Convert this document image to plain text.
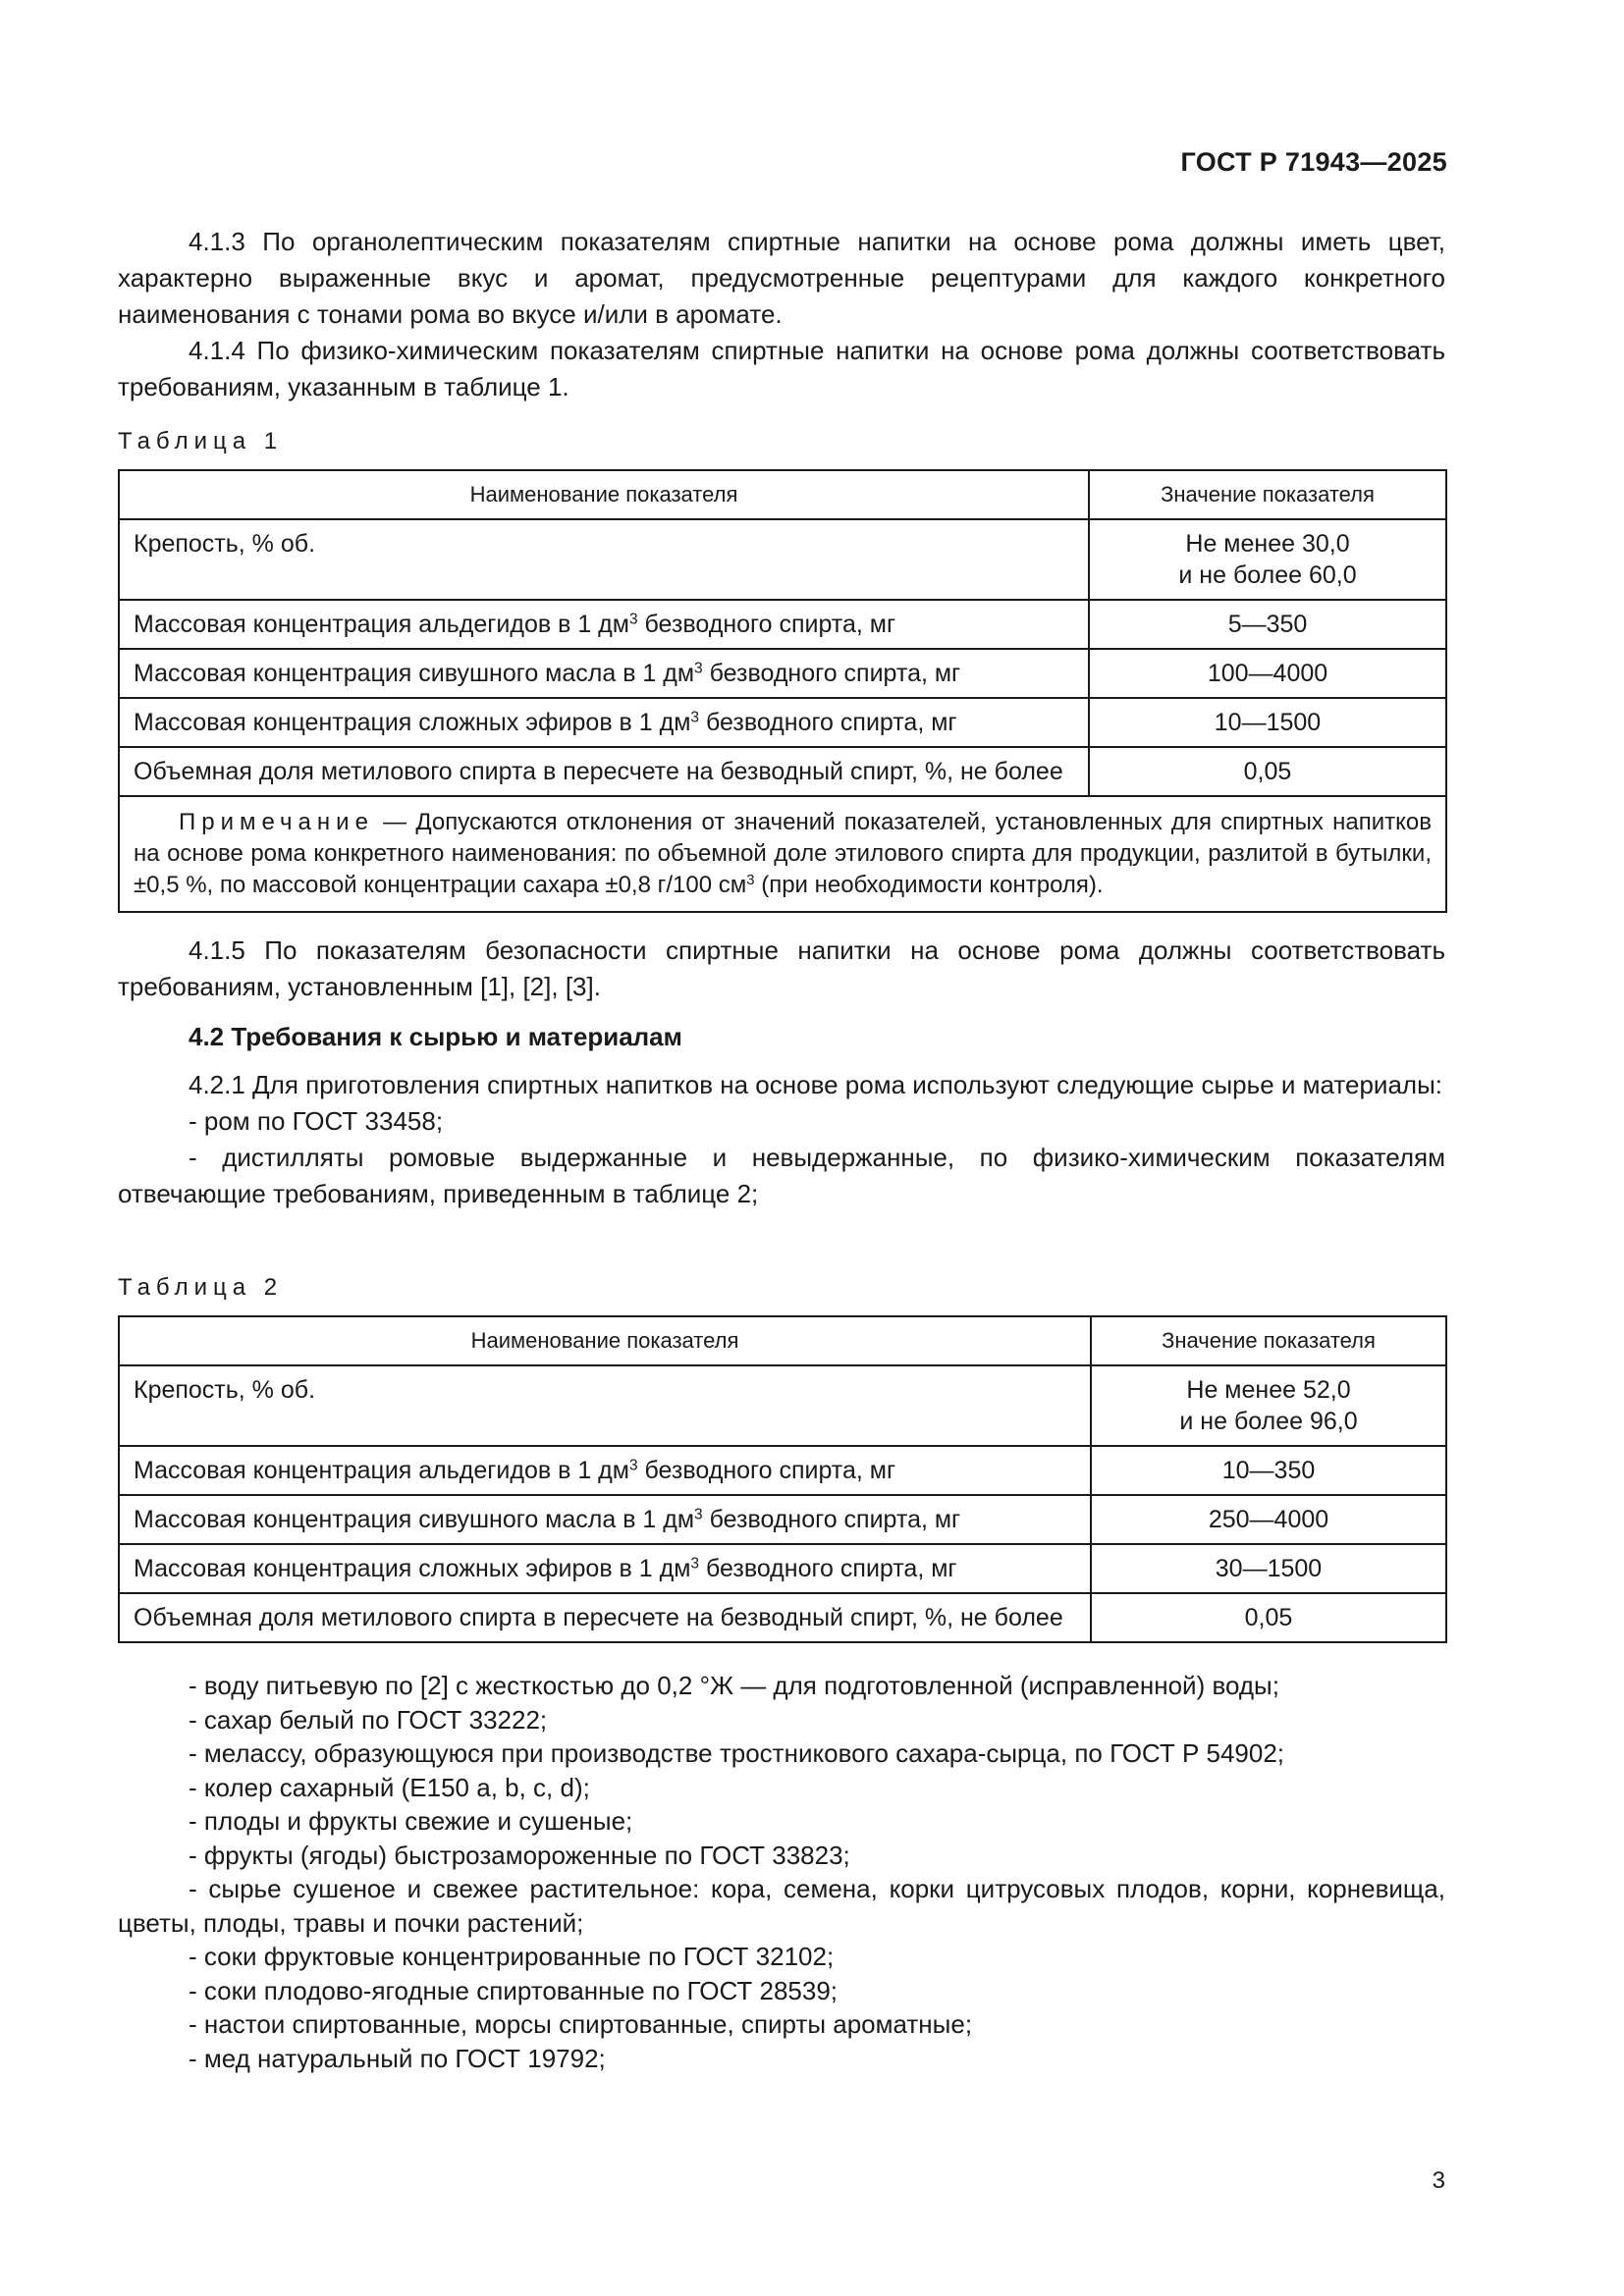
ГОСТ Р 71943—2025

4.1.3 По органолептическим показателям спиртные напитки на основе рома должны иметь цвет, характерно выраженные вкус и аромат, предусмотренные рецептурами для каждого конкретного наименования с тонами рома во вкусе и/или в аромате.

4.1.4 По физико-химическим показателям спиртные напитки на основе рома должны соответствовать требованиям, указанным в таблице 1.

Таблица 1
Наименование показателя	Значение показателя
Крепость, % об.	Не менее 30,0
и не более 60,0

Массовая концентрация альдегидов в 1 $дм^3$ безводного спирта, мг	5—350
Массовая концентрация сивушного масла в 1 $дм^3$ безводного спирта, мг	100—4000
Массовая концентрация сложных эфиров в 1 $дм^3$ безводного спирта, мг	10—1500
Объемная доля метилового спирта в пересчете на безводный спирт, %, не более	0,05
Примечание — Допускаются отклонения от значений показателей, установленных для спиртных напитков на основе рома конкретного наименования: по объемной доле этилового спирта для продукции, разлитой в бутылки, ±0,5 %, по массовой концентрации сахара ±0,8 г/100 $см^3$ (при необходимости контроля).	

4.1.5 По показателям безопасности спиртные напитки на основе рома должны соответствовать требованиям, установленным [1], [2], [3].

4.2 Требования к сырью и материалам

4.2.1 Для приготовления спиртных напитков на основе рома используют следующие сырье и материалы:

- ром по ГОСТ 33458;

- дистилляты ромовые выдержанные и невыдержанные, по физико-химическим показателям отвечающие требованиям, приведенным в таблице 2;

Таблица 2
Наименование показателя	Значение показателя
Крепость, % об.	Не менее 52,0
и не более 96,0

Массовая концентрация альдегидов в 1 $дм^3$ безводного спирта, мг	10—350
Массовая концентрация сивушного масла в 1 $дм^3$ безводного спирта, мг	250—4000
Массовая концентрация сложных эфиров в 1 $дм^3$ безводного спирта, мг	30—1500
Объемная доля метилового спирта в пересчете на безводный спирт, %, не более	0,05

- воду питьевую по [2] с жесткостью до 0,2 °Ж — для подготовленной (исправленной) воды;

- сахар белый по ГОСТ 33222;

- мелассу, образующуюся при производстве тростникового сахара-сырца, по ГОСТ Р 54902;

- колер сахарный (Е150 а, b, c, d);

- плоды и фрукты свежие и сушеные;

- фрукты (ягоды) быстрозамороженные по ГОСТ 33823;

- сырье сушеное и свежее растительное: кора, семена, корки цитрусовых плодов, корни, корневища, цветы, плоды, травы и почки растений;

- соки фруктовые концентрированные по ГОСТ 32102;

- соки плодово-ягодные спиртованные по ГОСТ 28539;

- настои спиртованные, морсы спиртованные, спирты ароматные;

- мед натуральный по ГОСТ 19792;

3
